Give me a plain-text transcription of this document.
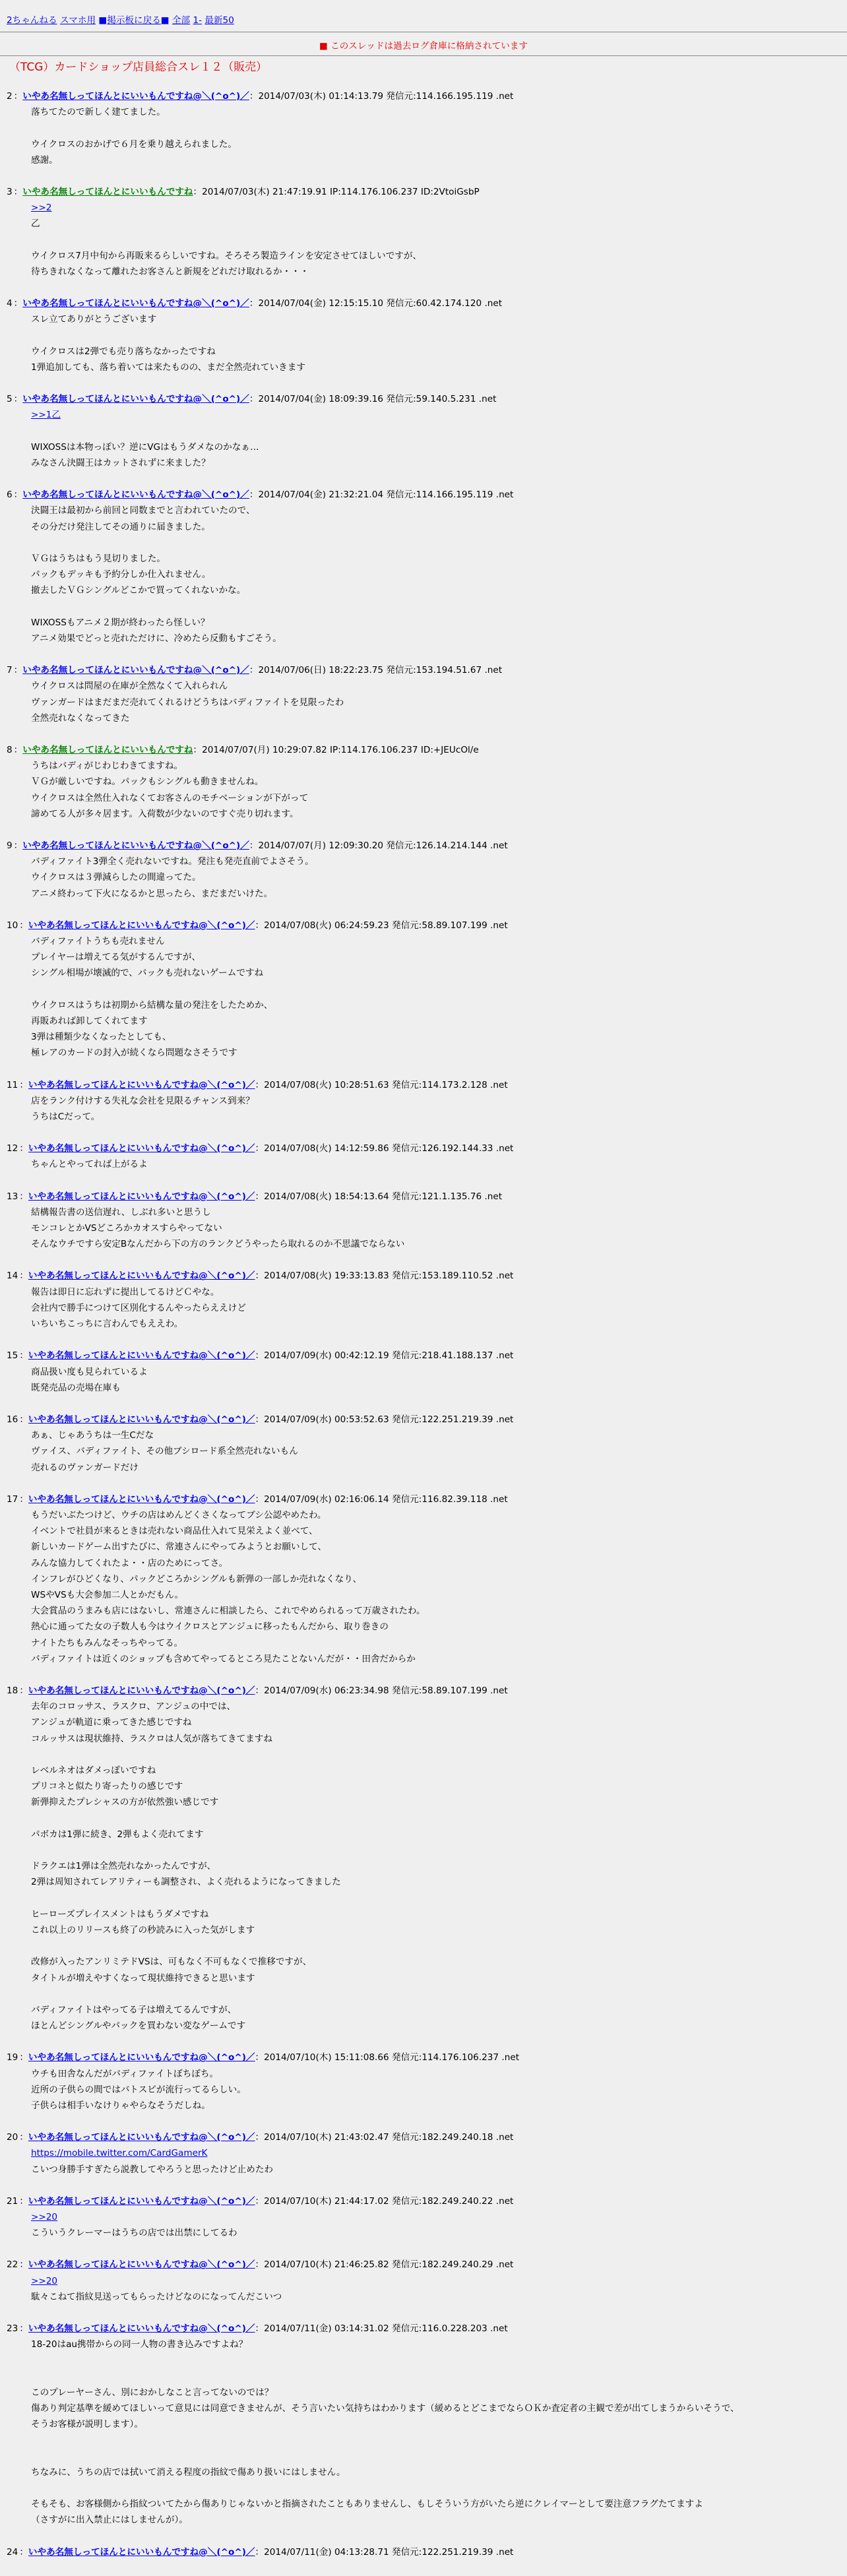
2ちゃんねる スマホ用 ■掲示板に戻る■ 全部 1- 最新50
■ このスレッドは過去ログ倉庫に格納されています
（TCG）カードショップ店員総合スレ１２（販売）
2 ：いやあ名無しってほんとにいいもんですね@＼(^o^)／：2014/07/03(木) 01:14:13.79 発信元:114.166.195.119 .net
落ちてたので新しく建てました。
ウイクロスのおかげで６月を乗り越えられました。
感謝。
3 ：いやあ名無しってほんとにいいもんですね：2014/07/03(木) 21:47:19.91 IP:114.176.106.237 ID:2VtoiGsbP
>>2
乙
ウイクロス7月中旬から再販来るらしいですね。そろそろ製造ラインを安定させてほしいですが、
待ちきれなくなって離れたお客さんと新規をどれだけ取れるか・・・
4 ：いやあ名無しってほんとにいいもんですね@＼(^o^)／：2014/07/04(金) 12:15:15.10 発信元:60.42.174.120 .net
スレ立てありがとうございます
ウイクロスは2弾でも売り落ちなかったですね
1弾追加しても、落ち着いては来たものの、まだ全然売れていきます
5 ：いやあ名無しってほんとにいいもんですね@＼(^o^)／：2014/07/04(金) 18:09:39.16 発信元:59.140.5.231 .net
>>1乙
WIXOSSは本物っぽい？逆にVGはもうダメなのかなぁ…
みなさん決闘王はカットされずに来ました？
6 ：いやあ名無しってほんとにいいもんですね@＼(^o^)／：2014/07/04(金) 21:32:21.04 発信元:114.166.195.119 .net
決闘王は最初から前回と同数までと言われていたので、
その分だけ発注してその通りに届きました。
ＶＧはうちはもう見切りました。
パックもデッキも予約分しか仕入れません。
撤去したＶＧシングルどこかで買ってくれないかな。
WIXOSSもアニメ２期が終わったら怪しい？
アニメ効果でどっと売れただけに、冷めたら反動もすごそう。
7 ：いやあ名無しってほんとにいいもんですね@＼(^o^)／：2014/07/06(日) 18:22:23.75 発信元:153.194.51.67 .net
ウイクロスは問屋の在庫が全然なくて入れられん
ヴァンガードはまだまだ売れてくれるけどうちはバディファイトを見限ったわ
全然売れなくなってきた
8 ：いやあ名無しってほんとにいいもんですね：2014/07/07(月) 10:29:07.82 IP:114.176.106.237 ID:+JEUcOl/e
うちはバディがじわじわきてますね。
ＶＧが厳しいですね。パックもシングルも動きませんね。
ウイクロスは全然仕入れなくてお客さんのモチベーションが下がって
諦めてる人が多々居ます。入荷数が少ないのですぐ売り切れます。
9 ：いやあ名無しってほんとにいいもんですね@＼(^o^)／：2014/07/07(月) 12:09:30.20 発信元:126.14.214.144 .net
バディファイト3弾全く売れないですね。発注も発売直前でよさそう。
ウイクロスは３弾減らしたの間違ってた。
アニメ終わって下火になるかと思ったら、まだまだいけた。
10 ：いやあ名無しってほんとにいいもんですね@＼(^o^)／：2014/07/08(火) 06:24:59.23 発信元:58.89.107.199 .net
バディファイトうちも売れません
プレイヤーは増えてる気がするんですが、
シングル相場が壊滅的で、パックも売れないゲームですね
ウイクロスはうちは初期から結構な量の発注をしたためか、
再販あれば卸してくれてます
3弾は種類少なくなったとしても、
極レアのカードの封入が続くなら問題なさそうです
11 ：いやあ名無しってほんとにいいもんですね@＼(^o^)／：2014/07/08(火) 10:28:51.63 発信元:114.173.2.128 .net
店をランク付けする失礼な会社を見限るチャンス到来？
うちはCだって。
12 ：いやあ名無しってほんとにいいもんですね@＼(^o^)／：2014/07/08(火) 14:12:59.86 発信元:126.192.144.33 .net
ちゃんとやってれば上がるよ
13 ：いやあ名無しってほんとにいいもんですね@＼(^o^)／：2014/07/08(火) 18:54:13.64 発信元:121.1.135.76 .net
結構報告書の送信遅れ、しぶれ多いと思うし
モンコレとかVSどころかカオスすらやってない
そんなウチですら安定Bなんだから下の方のランクどうやったら取れるのか不思議でならない
14 ：いやあ名無しってほんとにいいもんですね@＼(^o^)／：2014/07/08(火) 19:33:13.83 発信元:153.189.110.52 .net
報告は即日に忘れずに提出してるけどＣやな。
会社内で勝手につけて区別化するんやったらええけど
いちいちこっちに言わんでもええわ。
15 ：いやあ名無しってほんとにいいもんですね@＼(^o^)／：2014/07/09(水) 00:42:12.19 発信元:218.41.188.137 .net
商品扱い度も見られているよ
既発売品の売場在庫も
16 ：いやあ名無しってほんとにいいもんですね@＼(^o^)／：2014/07/09(水) 00:53:52.63 発信元:122.251.219.39 .net
あぁ、じゃあうちは一生Cだな
ヴァイス、バディファイト、その他ブシロード系全然売れないもん
売れるのヴァンガードだけ
17 ：いやあ名無しってほんとにいいもんですね@＼(^o^)／：2014/07/09(水) 02:16:06.14 発信元:116.82.39.118 .net
もうだいぶたつけど、ウチの店はめんどくさくなってブシ公認やめたわ。
イベントで社員が来るときは売れない商品仕入れて見栄えよく並べて、
新しいカードゲーム出すたびに、常連さんにやってみようとお願いして、
みんな協力してくれたよ・・店のためにってさ。
インフレがひどくなり、パックどころかシングルも新弾の一部しか売れなくなり、
WSやVSも大会参加二人とかだもん。
大会賞品のうまみも店にはないし、常連さんに相談したら、これでやめられるって万歳されたわ。
熱心に通ってた女の子数人も今はウイクロスとアンジュに移ったもんだから、取り巻きの
ナイトたちもみんなそっちやってる。
バディファイトは近くのショップも含めてやってるところ見たことないんだが・・田舎だからか
18 ：いやあ名無しってほんとにいいもんですね@＼(^o^)／：2014/07/09(水) 06:23:34.98 発信元:58.89.107.199 .net
去年のコロッサス、ラスクロ、アンジュの中では、
アンジュが軌道に乗ってきた感じですね
コルッサスは現状維持、ラスクロは人気が落ちてきてますね
レベルネオはダメっぽいですね
プリコネと似たり寄ったりの感じです
新弾抑えたプレシャスの方が依然強い感じです
パボカは1弾に続き、2弾もよく売れてます
ドラクエは1弾は全然売れなかったんですが、
2弾は周知されてレアリティーも調整され、よく売れるようになってきました
ヒーローズプレイスメントはもうダメですね
これ以上のリリースも終了の秒読みに入った気がします
改修が入ったアンリミテドVSは、可もなく不可もなくで推移ですが、
タイトルが増えやすくなって現状維持できると思います
バディファイトはやってる子は増えてるんですが、
ほとんどシングルやパックを買わない変なゲームです
19 ：いやあ名無しってほんとにいいもんですね@＼(^o^)／：2014/07/10(木) 15:11:08.66 発信元:114.176.106.237 .net
ウチも田舎なんだがバディファイトぼちぼち。
近所の子供らの間ではバトスピが流行ってるらしい。
子供らは相手いなけりゃやらなそうだしね。
20 ：いやあ名無しってほんとにいいもんですね@＼(^o^)／：2014/07/10(木) 21:43:02.47 発信元:182.249.240.18 .net
https://mobile.twitter.com/CardGamerK
こいつ身勝手すぎたら説教してやろうと思ったけど止めたわ
21 ：いやあ名無しってほんとにいいもんですね@＼(^o^)／：2014/07/10(木) 21:44:17.02 発信元:182.249.240.22 .net
>>20
こういうクレーマーはうちの店では出禁にしてるわ
22 ：いやあ名無しってほんとにいいもんですね@＼(^o^)／：2014/07/10(木) 21:46:25.82 発信元:182.249.240.29 .net
>>20
駄々こねて指紋見送ってもらったけどなのになってんだこいつ
23 ：いやあ名無しってほんとにいいもんですね@＼(^o^)／：2014/07/11(金) 03:14:31.02 発信元:116.0.228.203 .net
18-20はau携帯からの同一人物の書き込みですよね？
このプレーヤーさん、別におかしなこと言ってないのでは？
傷あり判定基準を緩めてほしいって意見には同意できませんが、そう言いたい気持ちはわかります（緩めるとどこまでならＯＫか査定者の主観で差が出てしまうからいそうで、
そうお客様が説明します）。
ちなみに、うちの店では拭いて消える程度の指紋で傷あり扱いにはしません。
そもそも、お客様側から指紋ついてたから傷ありじゃないかと指摘されたこともありませんし、もしそういう方がいたら逆にクレイマーとして要注意フラグたてますよ
（さすがに出入禁止にはしませんが）。
24 ：いやあ名無しってほんとにいいもんですね@＼(^o^)／：2014/07/11(金) 04:13:28.71 発信元:122.251.219.39 .net
